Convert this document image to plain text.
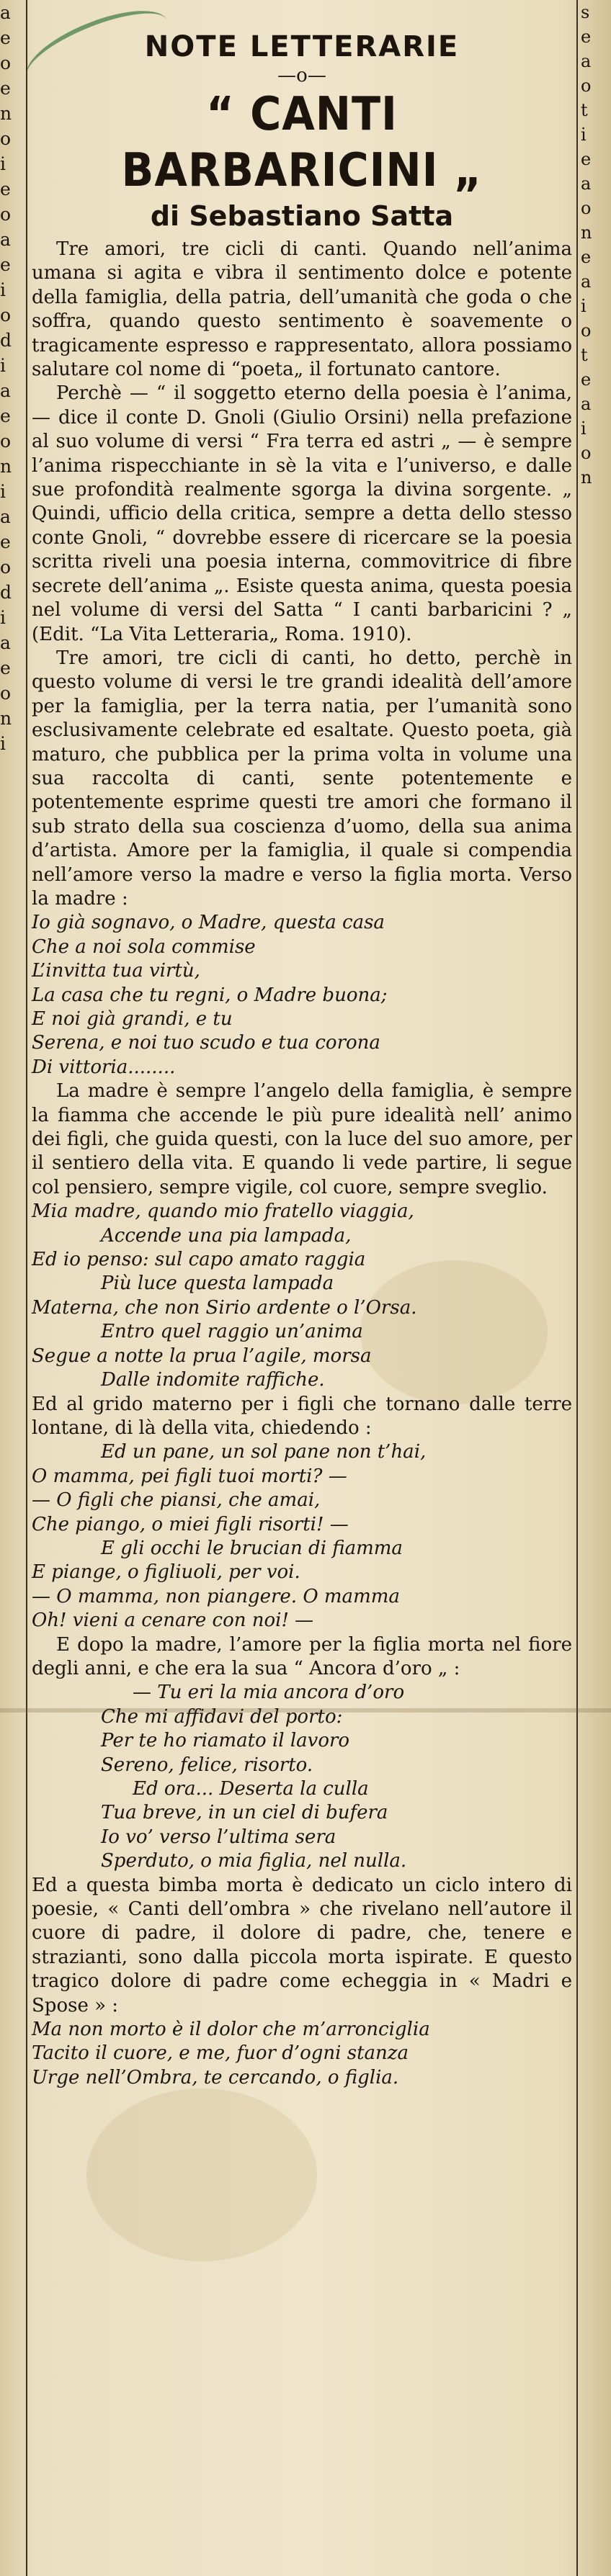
a
e
o
e
n
o
i
e
o
a
e
i
o
d
i
a
e
o
n
i
a
e
o
d
i
a
e
o
n
i
s
e
a
o
t
i
e
a
o
n
e
a
i
o
t
e
a
i
o
n
NOTE LETTERARIE
—o—
“ CANTI BARBARICINI „
di Sebastiano Satta

Tre amori, tre cicli di canti. Quando nell’anima umana si agita e vibra il sentimento dolce e potente della famiglia, della patria, dell’umanità che goda o che soffra, quando questo sentimento è soavemente o tragicamente espresso e rappresentato, allora possiamo salutare col nome di “poeta„ il fortunato cantore.

Perchè — “ il soggetto eterno della poesia è l’anima, — dice il conte D. Gnoli (Giulio Orsini) nella prefazione al suo volume di versi “ Fra terra ed astri „ — è sempre l’anima rispecchiante in sè la vita e l’universo, e dalle sue profondità realmente sgorga la divina sorgente. „ Quindi, ufficio della critica, sempre a detta dello stesso conte Gnoli, “ dovrebbe essere di ricercare se la poesia scritta riveli una poesia interna, commovitrice di fibre secrete dell’anima „. Esiste questa anima, questa poesia nel volume di versi del Satta “ I canti barbaricini ? „ (Edit. “La Vita Letteraria„ Roma. 1910).

Tre amori, tre cicli di canti, ho detto, perchè in questo volume di versi le tre grandi idealità dell’amore per la famiglia, per la terra natia, per l’umanità sono esclusivamente celebrate ed esaltate. Questo poeta, già maturo, che pubblica per la prima volta in volume una sua raccolta di canti, sente potentemente e potentemente esprime questi tre amori che formano il sub strato della sua coscienza d’uomo, della sua anima d’artista. Amore per la famiglia, il quale si compendia nell’amore verso la madre e verso la figlia morta. Verso la madre :

Io già sognavo, o Madre, questa casa
Che a noi sola commise
L’invitta tua virtù,
La casa che tu regni, o Madre buona;
E noi già grandi, e tu
Serena, e noi tuo scudo e tua corona
Di vittoria........

La madre è sempre l’angelo della famiglia, è sempre la fiamma che accende le più pure idealità nell’ animo dei figli, che guida questi, con la luce del suo amore, per il sentiero della vita. E quando li vede partire, li segue col pensiero, sempre vigile, col cuore, sempre sveglio.

Mia madre, quando mio fratello viaggia,
Accende una pia lampada,
Ed io penso: sul capo amato raggia
Più luce questa lampada
Materna, che non Sirio ardente o l’Orsa.
Entro quel raggio un’anima
Segue a notte la prua l’agile, morsa
Dalle indomite raffiche.

Ed al grido materno per i figli che tornano dalle terre lontane, di là della vita, chiedendo :

Ed un pane, un sol pane non t’hai,
O mamma, pei figli tuoi morti? —
— O figli che piansi, che amai,
Che piango, o miei figli risorti! —
E gli occhi le brucian di fiamma
E piange, o figliuoli, per voi.
— O mamma, non piangere. O mamma
Oh! vieni a cenare con noi! —

E dopo la madre, l’amore per la figlia morta nel fiore degli anni, e che era la sua “ Ancora d’oro „ :

— Tu eri la mia ancora d’oro
Che mi affidavi del porto:
Per te ho riamato il lavoro
Sereno, felice, risorto.
Ed ora... Deserta la culla
Tua breve, in un ciel di bufera
Io vo’ verso l’ultima sera
Sperduto, o mia figlia, nel nulla.

Ed a questa bimba morta è dedicato un ciclo intero di poesie, « Canti dell’ombra » che rivelano nell’autore il cuore di padre, il dolore di padre, che, tenere e strazianti, sono dalla piccola morta ispirate. E questo tragico dolore di padre come echeggia in « Madri e Spose » :

Ma non morto è il dolor che m’arronciglia
Tacito il cuore, e me, fuor d’ogni stanza
Urge nell’Ombra, te cercando, o figlia.
